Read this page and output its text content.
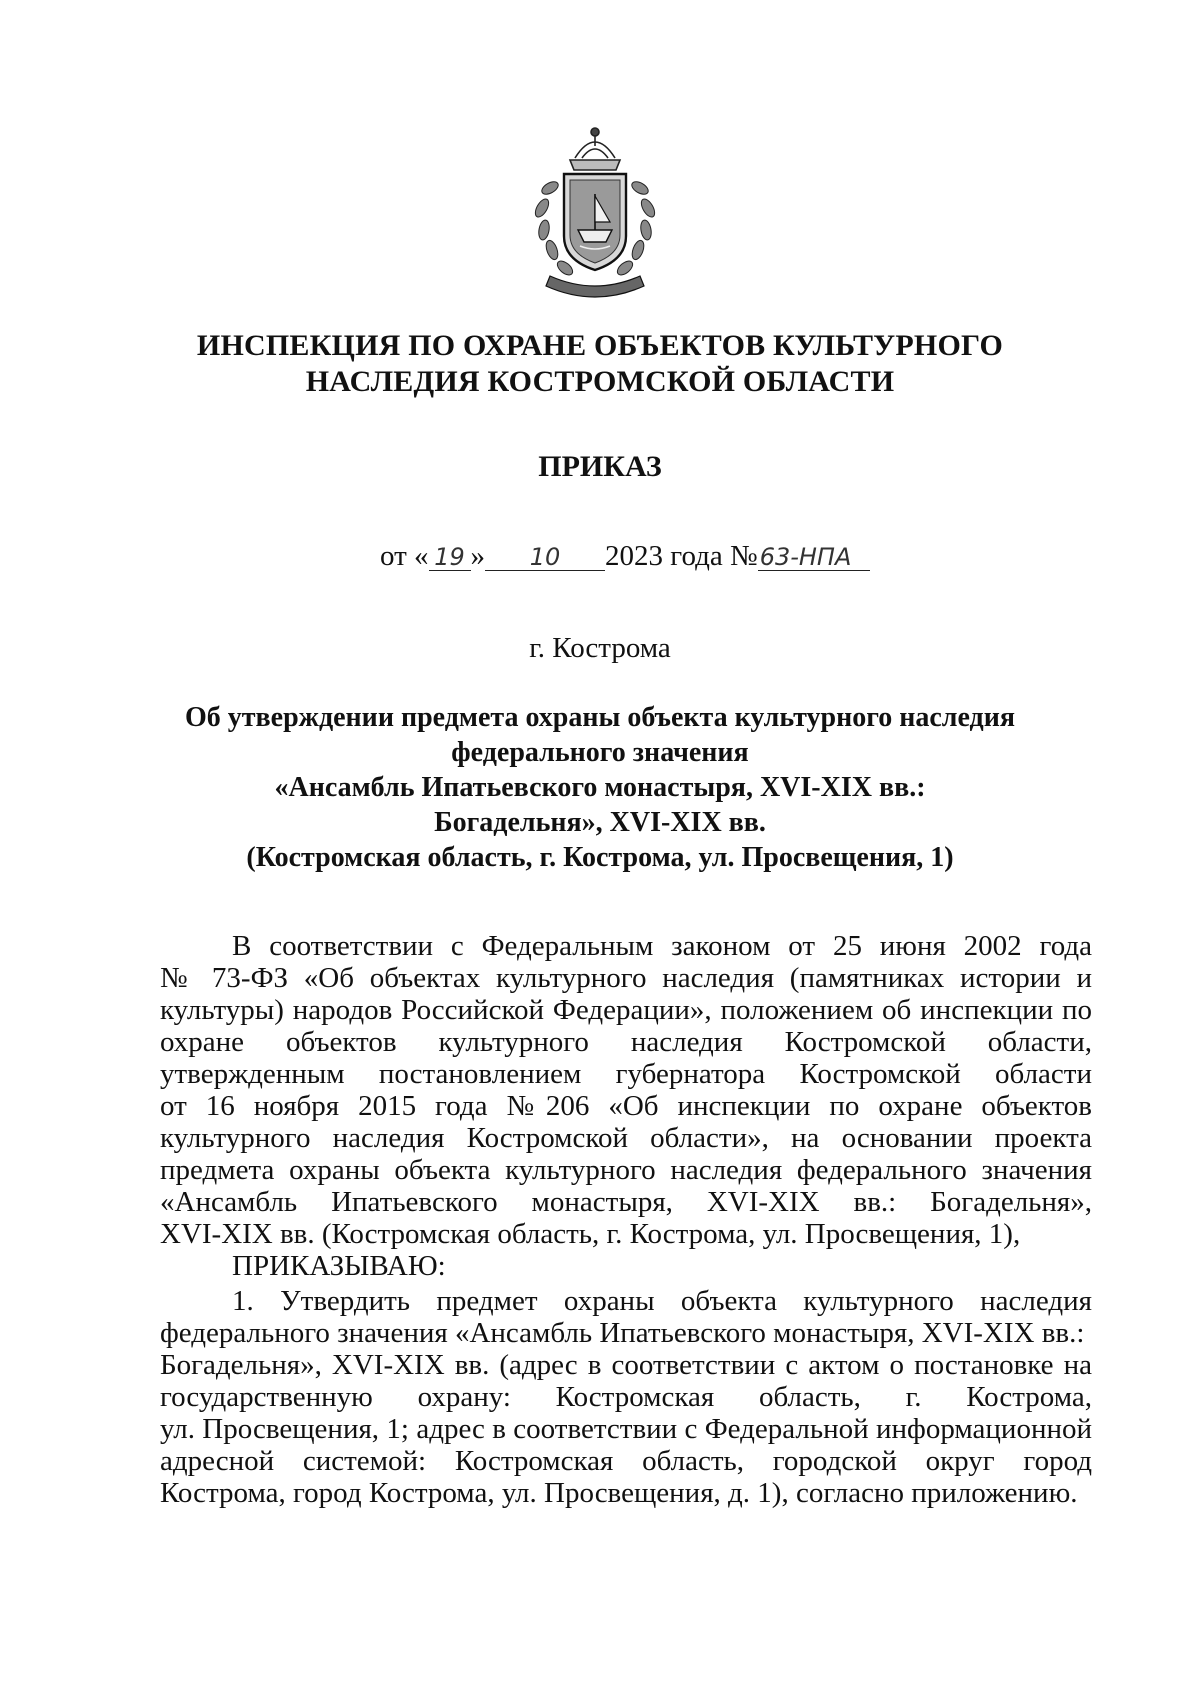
ИНСПЕКЦИЯ ПО ОХРАНЕ ОБЪЕКТОВ КУЛЬТУРНОГО
НАСЛЕДИЯ КОСТРОМСКОЙ ОБЛАСТИ
ПРИКАЗ
от « 19 » 10 2023 года №63-НПА
г. Кострома
Об утверждении предмета охраны объекта культурного наследия
федерального значения
«Ансамбль Ипатьевского монастыря, XVI-XIX вв.:
Богадельня», XVI-XIX вв.
(Костромская область, г. Кострома, ул. Просвещения, 1)
В соответствии с Федеральным законом от 25 июня 2002 года
№ 73-ФЗ «Об объектах культурного наследия (памятниках истории и
культуры) народов Российской Федерации», положением об инспекции по
охране объектов культурного наследия Костромской области,
утвержденным постановлением губернатора Костромской области
от 16 ноября 2015 года №206 «Об инспекции по охране объектов
культурного наследия Костромской области», на основании проекта
предмета охраны объекта культурного наследия федерального значения
«Ансамбль Ипатьевского монастыря, XVI-XIX вв.: Богадельня»,
XVI-XIX вв. (Костромская область, г. Кострома, ул. Просвещения, 1),
ПРИКАЗЫВАЮ:
1. Утвердить предмет охраны объекта культурного наследия
федерального значения «Ансамбль Ипатьевского монастыря, XVI-XIX вв.:
Богадельня», XVI-XIX вв. (адрес в соответствии с актом о постановке на
государственную охрану: Костромская область, г. Кострома,
ул. Просвещения, 1; адрес в соответствии с Федеральной информационной
адресной системой: Костромская область, городской округ город
Кострома, город Кострома, ул. Просвещения, д. 1), согласно приложению.
